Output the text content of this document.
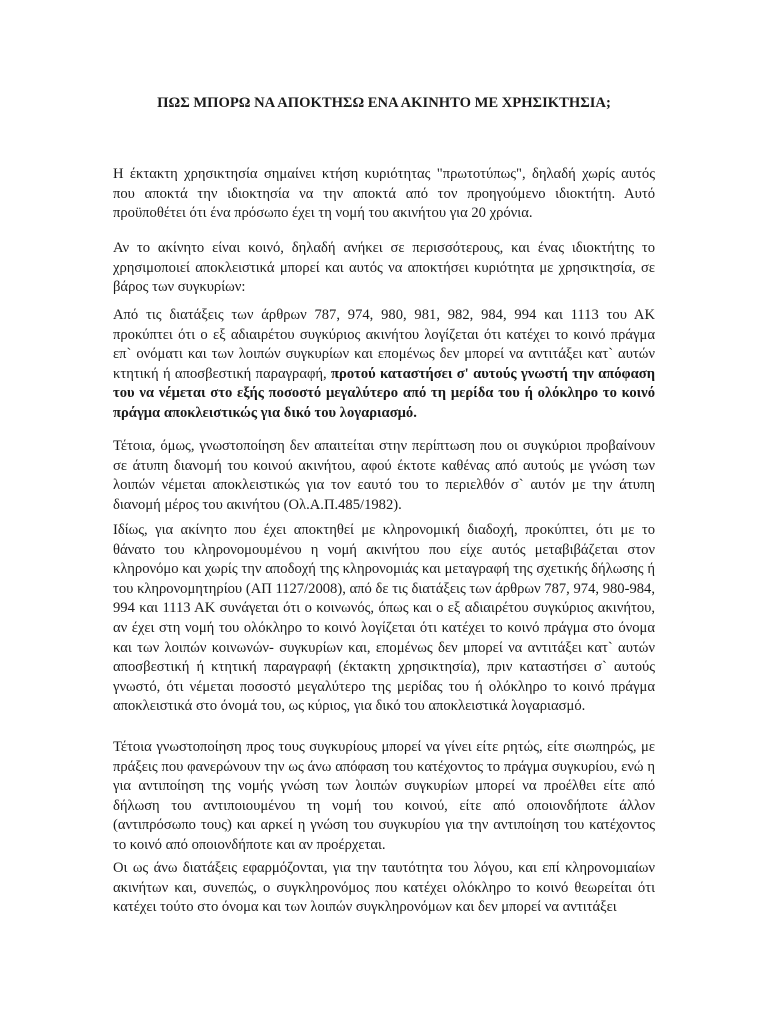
ΠΩΣ ΜΠΟΡΩ ΝΑ ΑΠΟΚΤΗΣΩ ΕΝΑ ΑΚΙΝΗΤΟ ΜΕ ΧΡΗΣΙΚΤΗΣΙΑ;

Η έκτακτη χρησικτησία σημαίνει κτήση κυριότητας "πρωτοτύπως", δηλαδή χωρίς αυτός που αποκτά την ιδιοκτησία να την αποκτά από τον προηγούμενο ιδιοκτήτη. Αυτό προϋποθέτει ότι ένα πρόσωπο έχει τη νομή του ακινήτου για 20 χρόνια.

Αν το ακίνητο είναι κοινό, δηλαδή ανήκει σε περισσότερους, και ένας ιδιοκτήτης το χρησιμοποιεί αποκλειστικά μπορεί και αυτός να αποκτήσει κυριότητα με χρησικτησία, σε βάρος των συγκυρίων:

Από τις διατάξεις των άρθρων 787, 974, 980, 981, 982, 984, 994 και 1113 του ΑΚ προκύπτει ότι ο εξ αδιαιρέτου συγκύριος ακινήτου λογίζεται ότι κατέχει το κοινό πράγμα επ` ονόματι και των λοιπών συγκυρίων και επομένως δεν μπορεί να αντιτάξει κατ` αυτών κτητική ή αποσβεστική παραγραφή, προτού καταστήσει σ' αυτούς γνωστή την απόφαση του να νέμεται στο εξής ποσοστό μεγαλύτερο από τη μερίδα του ή ολόκληρο το κοινό πράγμα αποκλειστικώς για δικό του λογαριασμό.

Τέτοια, όμως, γνωστοποίηση δεν απαιτείται στην περίπτωση που οι συγκύριοι προβαίνουν σε άτυπη διανομή του κοινού ακινήτου, αφού έκτοτε καθένας από αυτούς με γνώση των λοιπών νέμεται αποκλειστικώς για τον εαυτό του το περιελθόν σ` αυτόν με την άτυπη διανομή μέρος του ακινήτου (Ολ.Α.Π.485/1982).

Ιδίως, για ακίνητο που έχει αποκτηθεί με κληρονομική διαδοχή, προκύπτει, ότι με το θάνατο του κληρονομουμένου η νομή ακινήτου που είχε αυτός μεταβιβάζεται στον κληρονόμο και χωρίς την αποδοχή της κληρονομιάς και μεταγραφή της σχετικής δήλωσης ή του κληρονομητηρίου (ΑΠ 1127/2008), από δε τις διατάξεις των άρθρων 787, 974, 980-984, 994 και 1113 ΑΚ συνάγεται ότι ο κοινωνός, όπως και ο εξ αδιαιρέτου συγκύριος ακινήτου, αν έχει στη νομή του ολόκληρο το κοινό λογίζεται ότι κατέχει το κοινό πράγμα στο όνομα και των λοιπών κοινωνών- συγκυρίων και, επομένως δεν μπορεί να αντιτάξει κατ` αυτών αποσβεστική ή κτητική παραγραφή (έκτακτη χρησικτησία), πριν καταστήσει σ` αυτούς γνωστό, ότι νέμεται ποσοστό μεγαλύτερο της μερίδας του ή ολόκληρο το κοινό πράγμα αποκλειστικά στο όνομά του, ως κύριος, για δικό του αποκλειστικά λογαριασμό.

Τέτοια γνωστοποίηση προς τους συγκυρίους μπορεί να γίνει είτε ρητώς, είτε σιωπηρώς, με πράξεις που φανερώνουν την ως άνω απόφαση του κατέχοντος το πράγμα συγκυρίου, ενώ η για αντιποίηση της νομής γνώση των λοιπών συγκυρίων μπορεί να προέλθει είτε από δήλωση του αντιποιουμένου τη νομή του κοινού, είτε από οποιονδήποτε άλλον (αντιπρόσωπο τους) και αρκεί η γνώση του συγκυρίου για την αντιποίηση του κατέχοντος το κοινό από οποιονδήποτε και αν προέρχεται.

Οι ως άνω διατάξεις εφαρμόζονται, για την ταυτότητα του λόγου, και επί κληρονομιαίων ακινήτων και, συνεπώς, ο συγκληρονόμος που κατέχει ολόκληρο το κοινό θεωρείται ότι κατέχει τούτο στο όνομα και των λοιπών συγκληρονόμων και δεν μπορεί να αντιτάξει
